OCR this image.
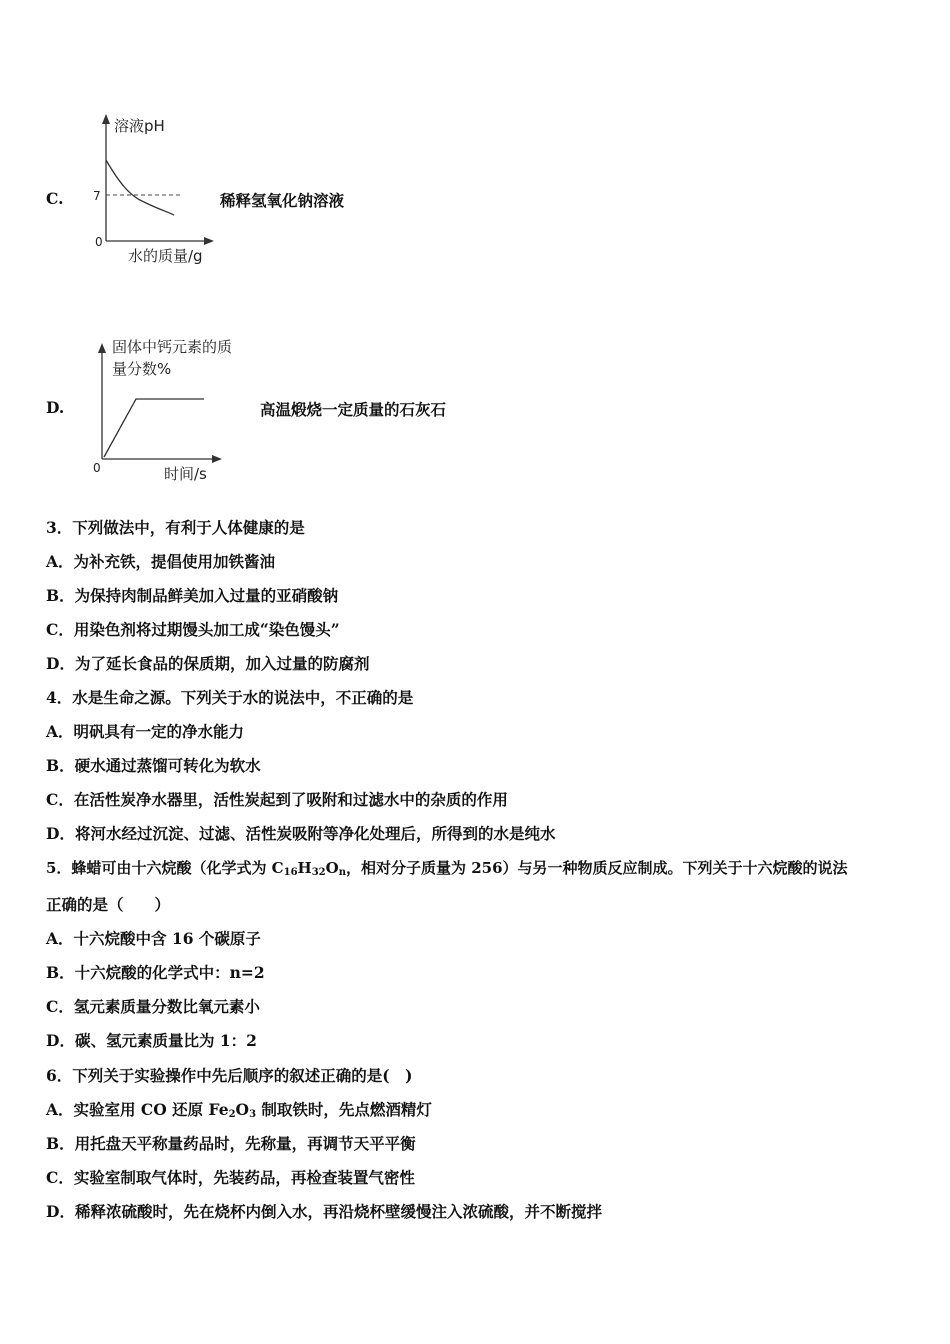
C.
溶液pH
7
0
水的质量/g
稀释氢氧化钠溶液
D.
固体中钙元素的质
量分数%
0	时间/s
高温煅烧一定质量的石灰石
3．下列做法中，有利于人体健康的是
A．为补充铁，提倡使用加铁酱油
B．为保持肉制品鲜美加入过量的亚硝酸钠
C．用染色剂将过期馒头加工成“染色馒头”
D．为了延长食品的保质期，加入过量的防腐剂
4．水是生命之源。下列关于水的说法中，不正确的是
A．明矾具有一定的净水能力
B．硬水通过蒸馏可转化为软水
C．在活性炭净水器里，活性炭起到了吸附和过滤水中的杂质的作用
D．将河水经过沉淀、过滤、活性炭吸附等净化处理后，所得到的水是纯水
5．蜂蜡可由十六烷酸（化学式为 $C_{16}H_{32}O_n$，相对分子质量为 256）与另一种物质反应制成。下列关于十六烷酸的说法
正确的是（　　）
A．十六烷酸中含 16 个碳原子
B．十六烷酸的化学式中：n=2
C．氢元素质量分数比氧元素小
D．碳、氢元素质量比为 1：2
6．下列关于实验操作中先后顺序的叙述正确的是(　)
A．实验室用 CO 还原 $Fe_2O_3$ 制取铁时，先点燃酒精灯
B．用托盘天平称量药品时，先称量，再调节天平平衡
C．实验室制取气体时，先装药品，再检查装置气密性
D．稀释浓硫酸时，先在烧杯内倒入水，再沿烧杯壁缓慢注入浓硫酸，并不断搅拌
